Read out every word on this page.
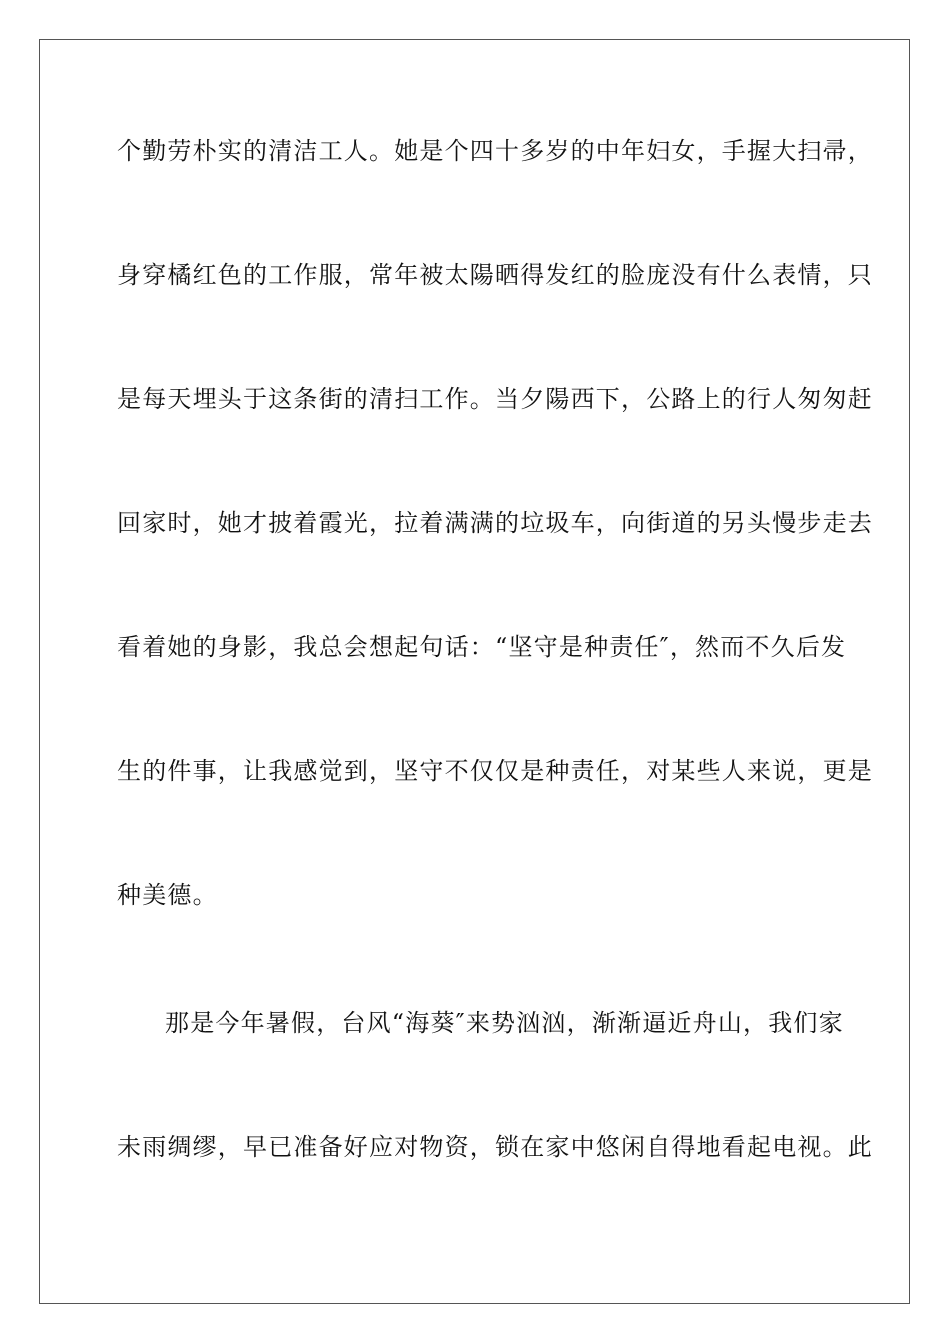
个勤劳朴实的清洁工人。她是个四十多岁的中年妇女，手握大扫帚，
身穿橘红色的工作服，常年被太陽晒得发红的脸庞没有什么表情，只
是每天埋头于这条街的清扫工作。当夕陽西下，公路上的行人匆匆赶
回家时，她才披着霞光，拉着满满的垃圾车，向街道的另头慢步走去
看着她的身影，我总会想起句话：“坚守是种责任″，然而不久后发
生的件事，让我感觉到，坚守不仅仅是种责任，对某些人来说，更是
种美德。
那是今年暑假，台风“海葵″来势汹汹，渐渐逼近舟山，我们家
未雨绸缪，早已准备好应对物资，锁在家中悠闲自得地看起电视。此
